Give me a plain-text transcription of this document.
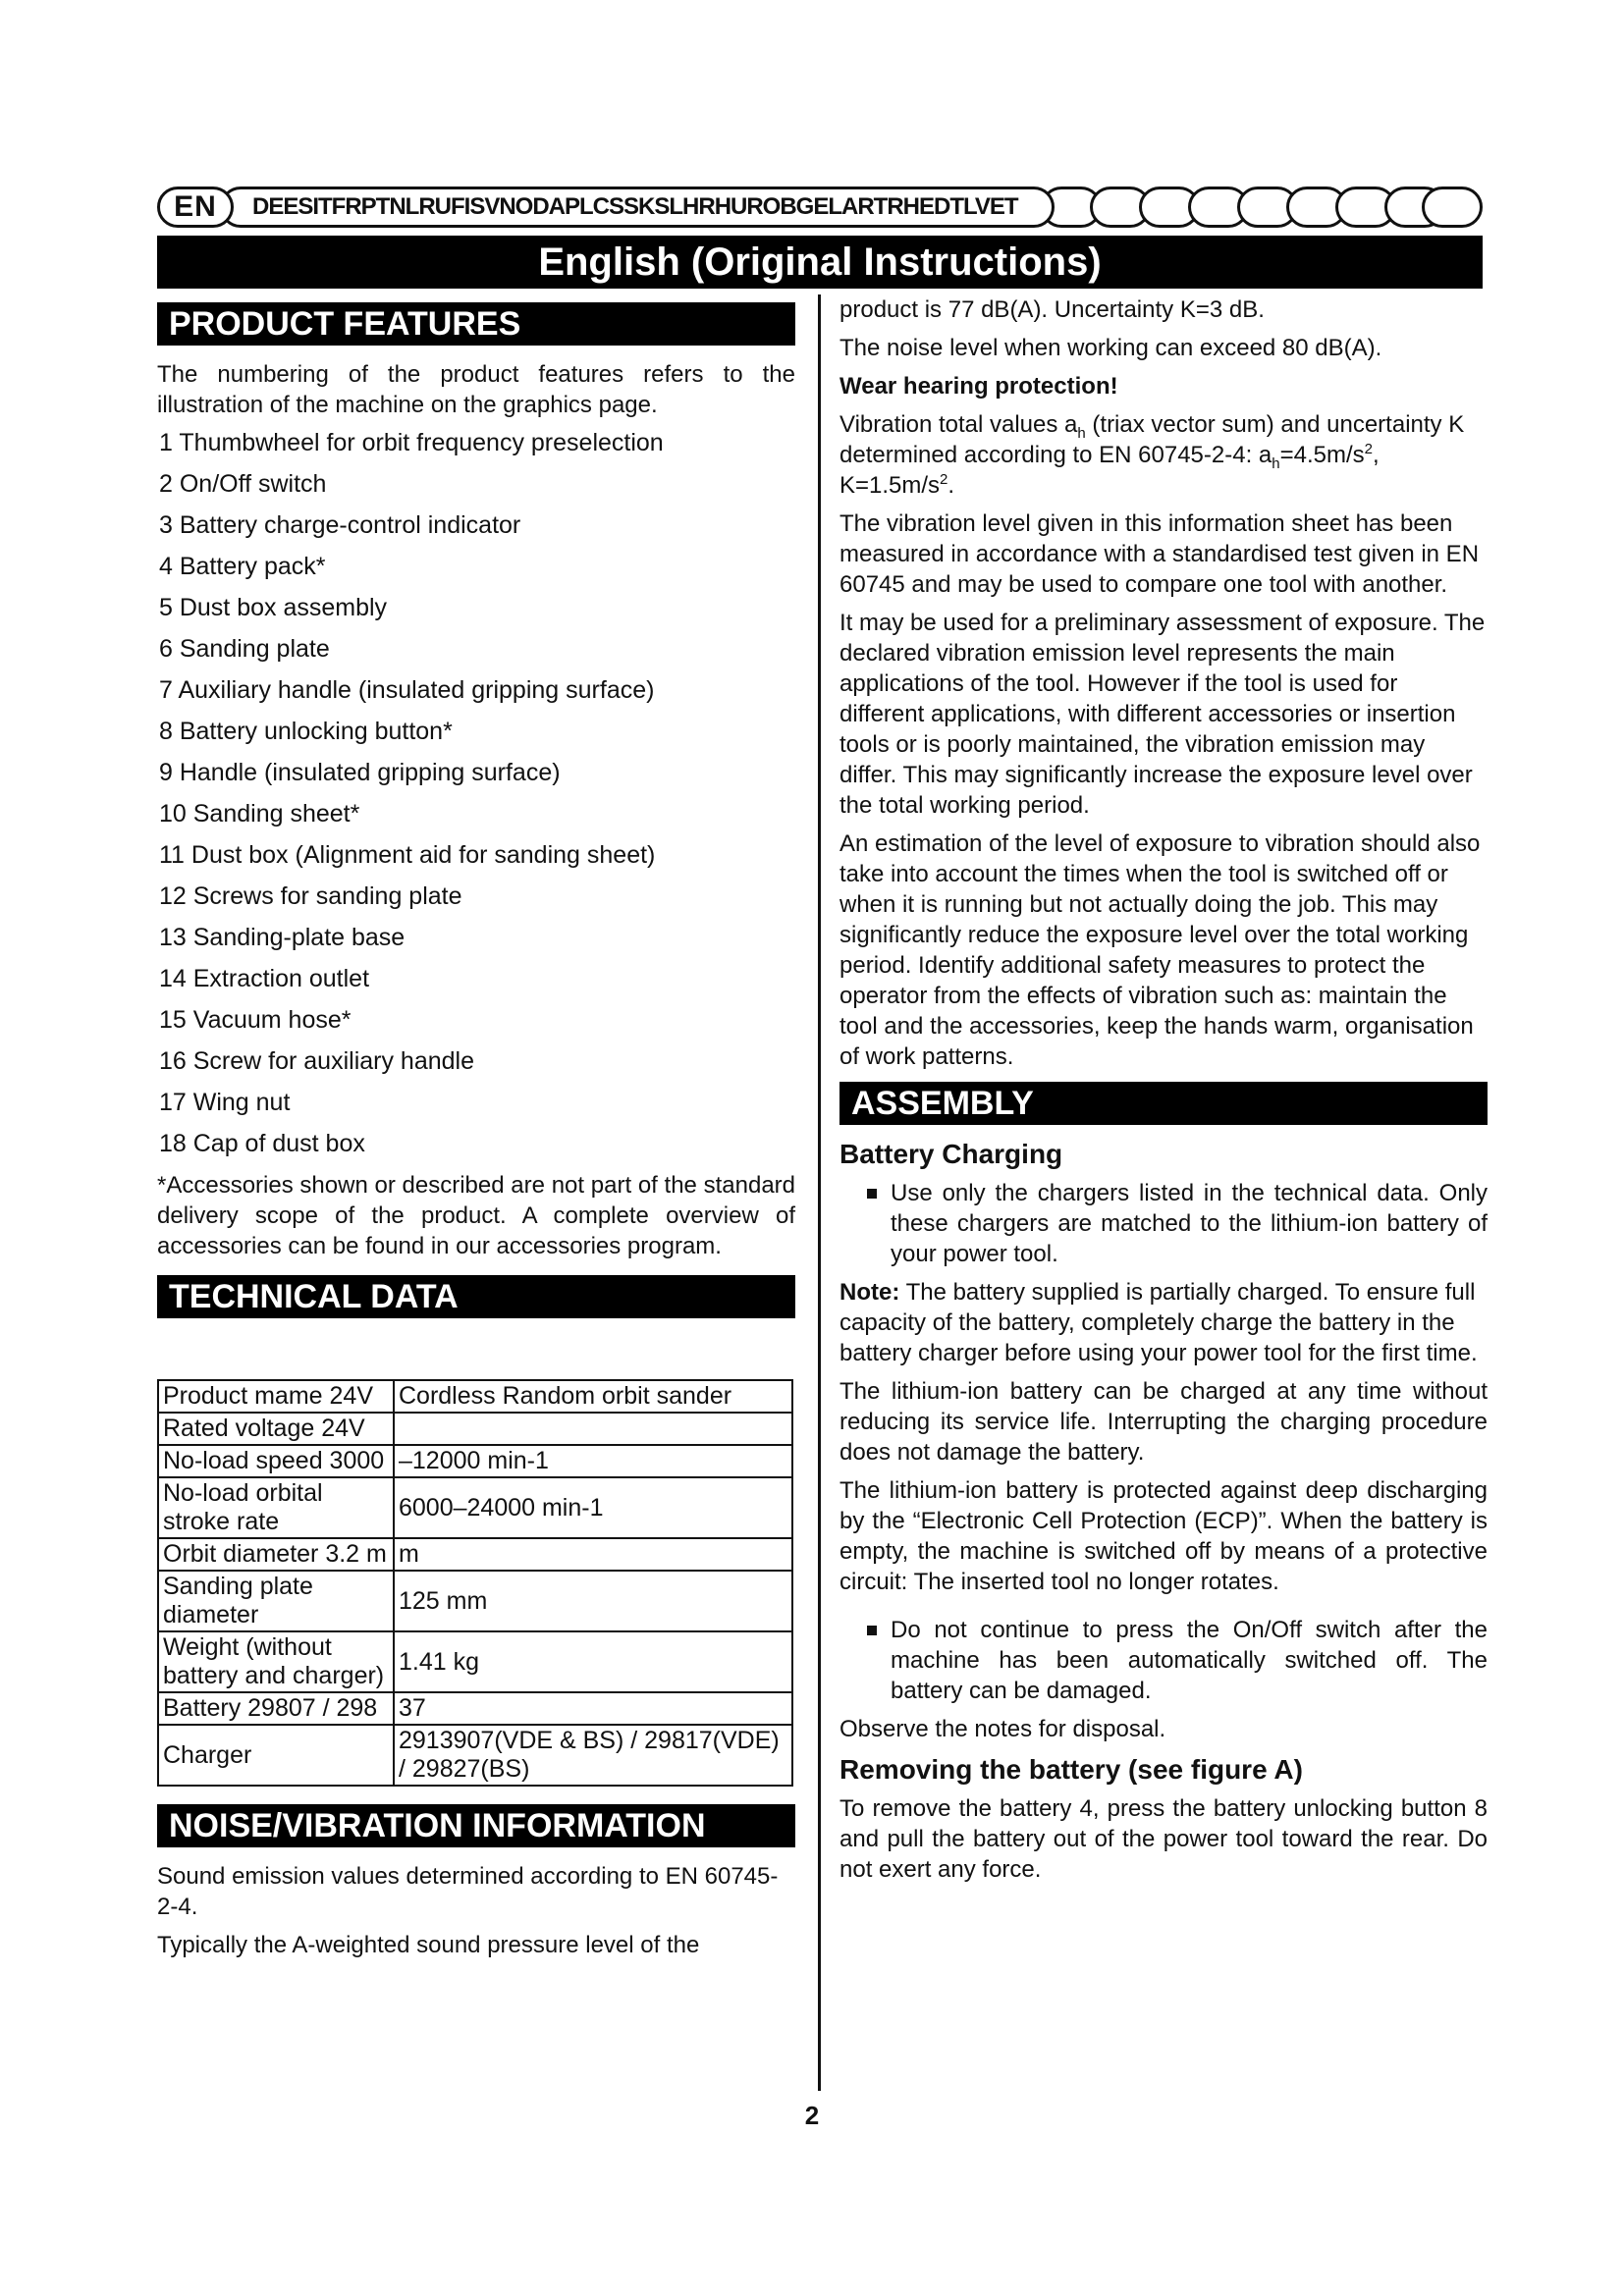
EN	DEESITFRPTNLRUFISVNODAPLCSSKSLHRHUROBGELARTRHEDTLVET
English (Original Instructions)
PRODUCT FEATURES

The numbering of the product features refers to the illustration of the machine on the graphics page.

1 Thumbwheel for orbit frequency preselection
2 On/Off switch
3 Battery charge-control indicator
4 Battery pack*
5 Dust box assembly
6 Sanding plate
7 Auxiliary handle (insulated gripping surface)
8 Battery unlocking button*
9 Handle (insulated gripping surface)
10 Sanding sheet*
11 Dust box (Alignment aid for sanding sheet)
12 Screws for sanding plate
13 Sanding-plate base
14 Extraction outlet
15 Vacuum hose*
16 Screw for auxiliary handle
17 Wing nut
18 Cap of dust box

*Accessories shown or described are not part of the standard delivery scope of the product. A complete overview of accessories can be found in our accessories program.

TECHNICAL DATA
Product mame 24V	Cordless Random orbit sander
Rated voltage 24V	
No-load speed 3000	–12000 min-1
No-load orbital stroke rate	6000–24000 min-1
Orbit diameter 3.2 m	m
Sanding plate diameter	125 mm
Weight (without battery and charger)	1.41 kg
Battery 29807 / 298	37
Charger	2913907(VDE & BS) / 29817(VDE) / 29827(BS)
NOISE/VIBRATION INFORMATION

Sound emission values determined according to EN 60745-2-4.

Typically the A-weighted sound pressure level of the

product is 77 dB(A). Uncertainty K=3 dB.

The noise level when working can exceed 80 dB(A).

Wear hearing protection!

Vibration total values $a_h$ (triax vector sum) and uncertainty K determined according to EN 60745-2-4: $a_h=4.5m/s^2$, $K=1.5m/s^2$.

The vibration level given in this information sheet has been measured in accordance with a standardised test given in EN 60745 and may be used to compare one tool with another.

It may be used for a preliminary assessment of exposure. The declared vibration emission level represents the main applications of the tool. However if the tool is used for different applications, with different accessories or insertion tools or is poorly maintained, the vibration emission may differ. This may significantly increase the exposure level over the total working period.

An estimation of the level of exposure to vibration should also take into account the times when the tool is switched off or when it is running but not actually doing the job. This may significantly reduce the exposure level over the total working period. Identify additional safety measures to protect the operator from the effects of vibration such as: maintain the tool and the accessories, keep the hands warm, organisation of work patterns.

ASSEMBLY
Battery Charging
Use only the chargers listed in the technical data. Only these chargers are matched to the lithium-ion battery of your power tool.

Note: The battery supplied is partially charged. To ensure full capacity of the battery, completely charge the battery in the battery charger before using your power tool for the first time.

The lithium-ion battery can be charged at any time without reducing its service life. Interrupting the charging procedure does not damage the battery.

The lithium-ion battery is protected against deep discharging by the “Electronic Cell Protection (ECP)”. When the battery is empty, the machine is switched off by means of a protective circuit: The inserted tool no longer rotates.

Do not continue to press the On/Off switch after the machine has been automatically switched off. The battery can be damaged.

Observe the notes for disposal.

Removing the battery (see figure A)

To remove the battery 4, press the battery unlocking button 8 and pull the battery out of the power tool toward the rear. Do not exert any force.

2
